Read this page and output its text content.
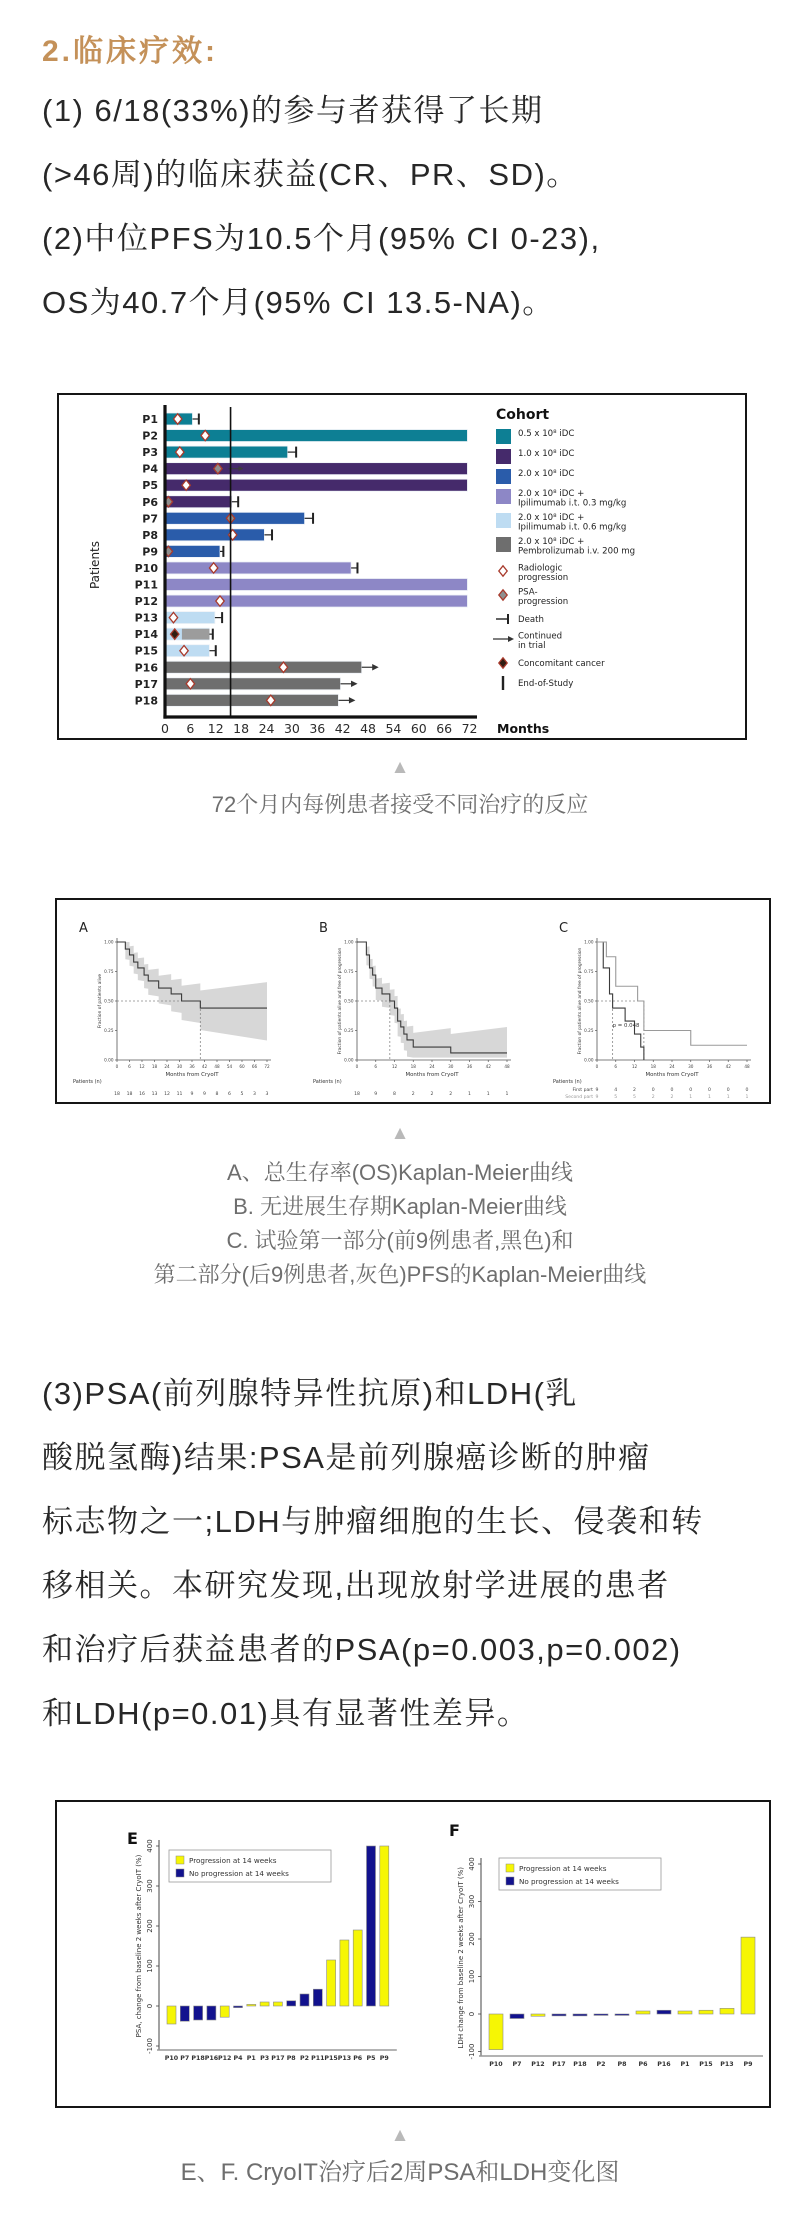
2.临床疗效:
(1) 6/18(33%)的参与者获得了长期
(>46周)的临床获益(CR、PR、SD)。
(2)中位PFS为10.5个月(95% CI 0-23),
OS为40.7个月(95% CI 13.5-NA)。
0 6 12 18 24 30 36 42 48 54 60 66 72 Months
P1
P2
P3
P4
P5
P6
P7
P8
P9
P10
P11
P12
P13
P14
P15
P16
P17
P18
Patients
Cohort
0.5 x 10⁸ iDC
1.0 x 10⁸ iDC
2.0 x 10⁸ iDC
2.0 x 10⁸ iDC +
Ipilimumab i.t. 0.3 mg/kg
2.0 x 10⁸ iDC +
Ipilimumab i.t. 0.6 mg/kg
2.0 x 10⁸ iDC +
Pembrolizumab i.v. 200 mg
Radiologic
progression
PSA-
progression
Death
Continued
in trial
Concomitant cancer
End-of-Study
▲
72个月内每例患者接受不同治疗的反应
A
1.00
0.75
0.50
0.25
0.00
0 6 12 18 24 30 36 42 48 54 60 66 72
Months from CryoIT
Fraction of patients alive
Patients (n)
18 18 16 13 12 11 9 9 8 6 5 3 3
B
1.00
0.75
0.50
0.25
0.00
0	6	12	18	24	30	36	42	48
Months from CryoIT
Fraction of patients alive and free of progression
Patients (n)
18	9	8	2	2	2	1	1	1
C
1.00
0.75
0.50
0.25
0.00
0	6	12	18	24	30	36	42	48
Months from CryoIT
Fraction of patients alive and free of progression	p = 0.048
Patients (n)
First part 9	4	2	0	0	0	0	0	0
Second part 9	5	5	2	2	1	1	1	1
▲
A、总生存率(OS)Kaplan-Meier曲线
B. 无进展生存期Kaplan-Meier曲线
C. 试验第一部分(前9例患者,黑色)和
第二部分(后9例患者,灰色)PFS的Kaplan-Meier曲线
(3)PSA(前列腺特异性抗原)和LDH(乳
酸脱氢酶)结果:PSA是前列腺癌诊断的肿瘤
标志物之一;LDH与肿瘤细胞的生长、侵袭和转
移相关。本研究发现,出现放射学进展的患者
和治疗后获益患者的PSA(p=0.003,p=0.002)
和LDH(p=0.01)具有显著性差异。
E
-100
0
100
200
300
400
PSA, change from baseline 2 weeks after CryoIT (%)
P10 P7 P18 P16 P12 P4 P1 P3 P17 P8 P2 P11 P15 P13 P6 P5 P9
Progression at 14 weeks
No progression at 14 weeks
F
-100
0
100
200
300
400
LDH change from baseline 2 weeks after CryoIT (%)
P10 P7 P12 P17 P18 P2 P8 P6 P16 P1 P15 P13 P9
Progression at 14 weeks
No progression at 14 weeks
▲
E、F. CryoIT治疗后2周PSA和LDH变化图
